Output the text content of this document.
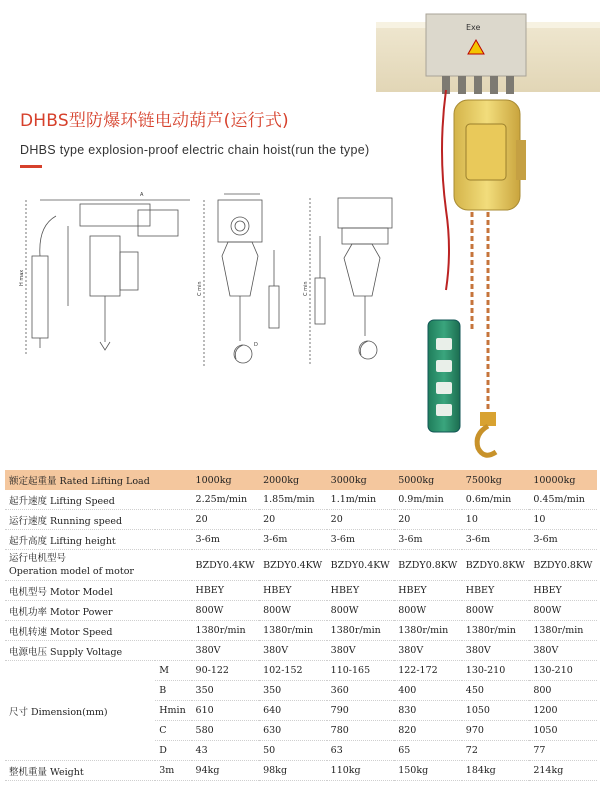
DHBS型防爆环链电动葫芦(运行式)
DHBS type explosion-proof electric chain hoist(run the type)
H max
C min	C min
D
A
Exe
额定起重量 Rated Lifting Load		1000kg	2000kg	3000kg	5000kg	7500kg	10000kg
起升速度 Lifting Speed		2.25m/min	1.85m/min	1.1m/min	0.9m/min	0.6m/min	0.45m/min
运行速度 Running speed		20	20	20	20	10	10
起升高度 Lifting height		3-6m	3-6m	3-6m	3-6m	3-6m	3-6m

运行电机型号
Operation model of motor		BZDY0.4KW	BZDY0.4KW	BZDY0.4KW	BZDY0.8KW	BZDY0.8KW	BZDY0.8KW
电机型号 Motor Model		HBEY	HBEY	HBEY	HBEY	HBEY	HBEY
电机功率 Motor Power		800W	800W	800W	800W	800W	800W
电机转速 Motor Speed		1380r/min	1380r/min	1380r/min	1380r/min	1380r/min	1380r/min
电源电压 Supply Voltage		380V	380V	380V	380V	380V	380V
尺寸 Dimension(mm)	M	90-122	102-152	110-165	122-172	130-210	130-210
	B	350	350	360	400	450	800
	Hmin	610	640	790	830	1050	1200
	C	580	630	780	820	970	1050
	D	43	50	63	65	72	77
整机重量 Weight	3m	94kg	98kg	110kg	150kg	184kg	214kg
